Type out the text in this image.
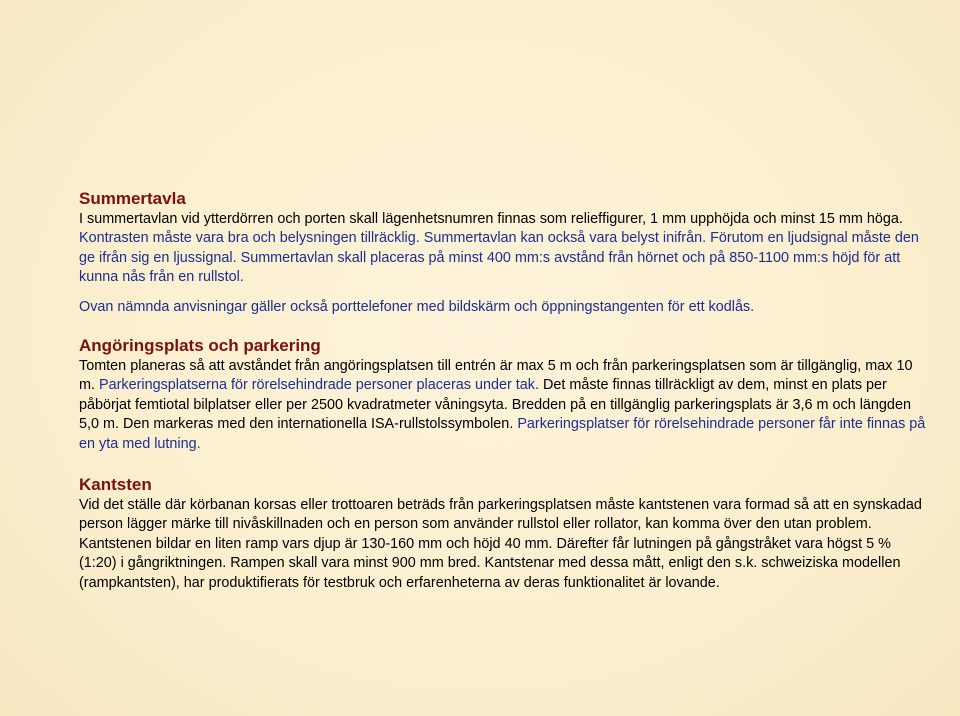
Summertavla

I summertavlan vid ytterdörren och porten skall lägenhetsnumren finnas som reliefﬁgurer, 1 mm upphöjda och minst 15 mm höga. Kontrasten måste vara bra och belysningen tillräcklig. Summertavlan kan också vara belyst inifrån. Förutom en ljudsignal måste den ge ifrån sig en ljussignal. Summertavlan skall placeras på minst 400 mm:s avstånd från hörnet och på 850-1100 mm:s höjd för att kunna nås från en rullstol.

Ovan nämnda anvisningar gäller också porttelefoner med bildskärm och öppningstangenten för ett kodlås.

Angöringsplats och parkering

Tomten planeras så att avståndet från angöringsplatsen till entrén är max 5 m och från parkeringsplatsen som är tillgänglig, max 10 m. Parkeringsplatserna för rörelsehindrade personer placeras under tak. Det måste finnas tillräckligt av dem, minst en plats per påbörjat femtiotal bilplatser eller per 2500 kvadratmeter våningsyta. Bredden på en tillgänglig parkeringsplats är 3,6 m och längden 5,0 m. Den markeras med den internationella ISA-rullstolssymbolen. Parkeringsplatser för rörelsehindrade personer får inte finnas på en yta med lutning.

Kantsten

Vid det ställe där körbanan korsas eller trottoaren beträds från parkeringsplatsen måste kantstenen vara formad så att en synskadad person lägger märke till nivåskillnaden och en person som använder rullstol eller rollator, kan komma över den utan problem. Kantstenen bildar en liten ramp vars djup är 130-160 mm och höjd 40 mm. Därefter får lutningen på gångstråket vara högst 5 % (1:20) i gångriktningen. Rampen skall vara minst 900 mm bred. Kantstenar med dessa mått, enligt den s.k. schweiziska modellen (rampkantsten), har produktifierats för testbruk och erfarenheterna av deras funktionalitet är lovande.
